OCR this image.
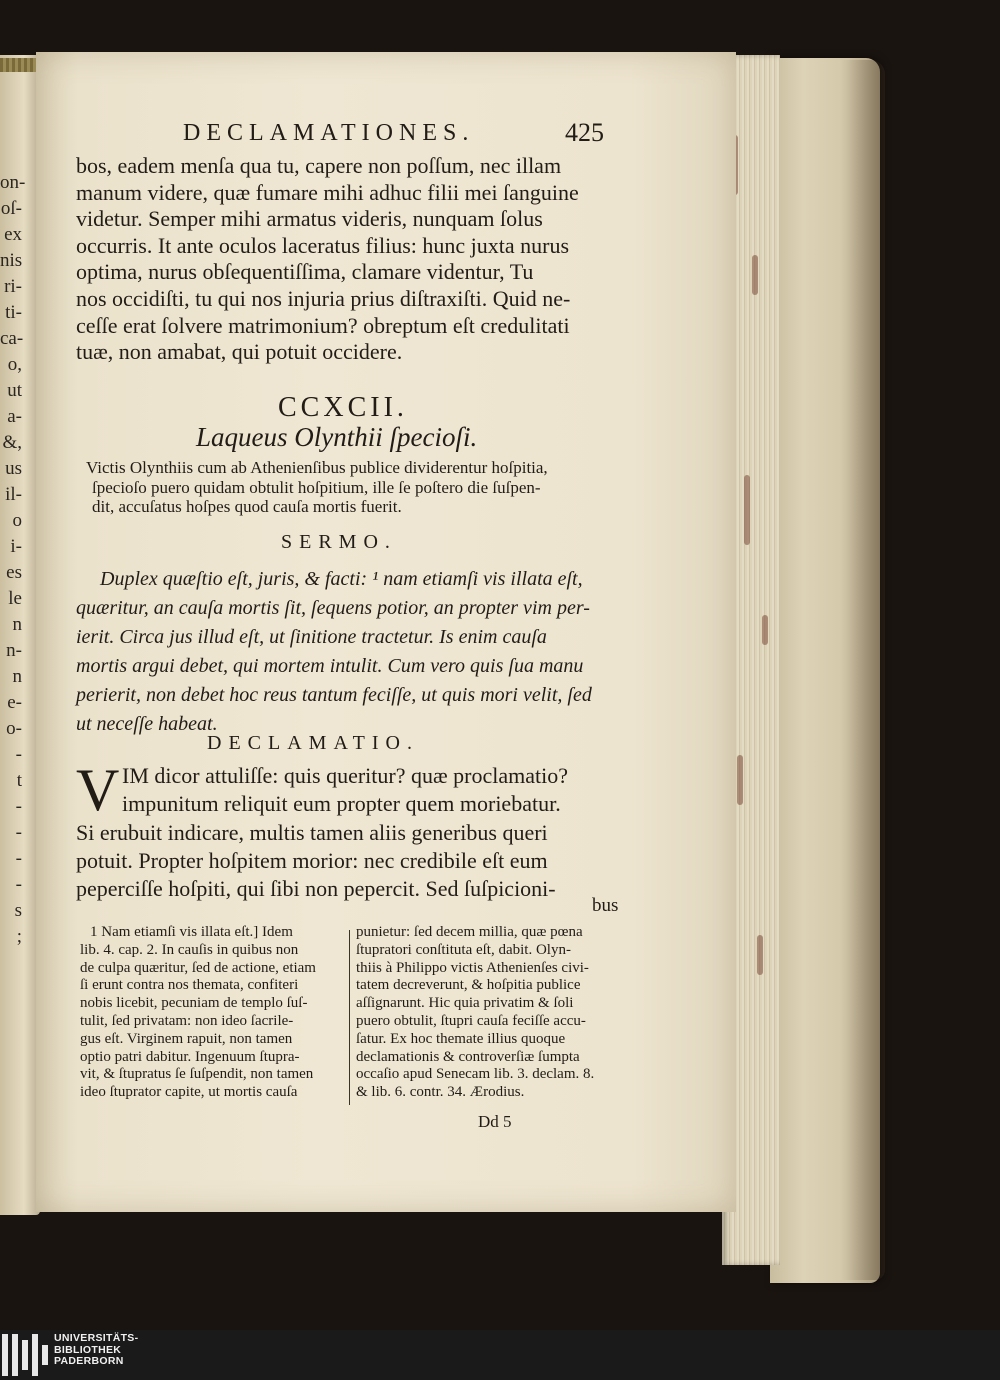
on-
oſ-
ex
nis
ri-
ti-
ca-
o,
ut
a-
&,
us
il-
o
i-
es
le
n
n-
n
e-
o-
-
t
-
-
-
-
s
;
DECLAMATIONES.	425
bos, eadem menſa qua tu, capere non poſſum, nec illam
manum videre, quæ fumare mihi adhuc filii mei ſanguine
videtur. Semper mihi armatus videris, nunquam ſolus
occurris. It ante oculos laceratus filius: hunc juxta nurus
optima, nurus obſequentiſſima, clamare videntur, Tu
nos occidiſti, tu qui nos injuria prius diſtraxiſti. Quid ne-
ceſſe erat ſolvere matrimonium? obreptum eſt credulitati
tuæ, non amabat, qui potuit occidere.
CCXCII.
Laqueus Olynthii ſpecioſi.
Victis Olynthiis cum ab Athenienſibus publice dividerentur hoſpitia,
ſpecioſo puero quidam obtulit hoſpitium, ille ſe poſtero die ſuſpen-
dit, accuſatus hoſpes quod cauſa mortis fuerit.
SERMO.
Duplex quæſtio eſt, juris, & facti: ¹ nam etiamſi vis illata eſt,
quæritur, an cauſa mortis ſit, ſequens potior, an propter vim per-
ierit. Circa jus illud eſt, ut ſinitione tractetur. Is enim cauſa
mortis argui debet, qui mortem intulit. Cum vero quis ſua manu
perierit, non debet hoc reus tantum feciſſe, ut quis mori velit, ſed
ut neceſſe habeat.
DECLAMATIO.
V IM dicor attuliſſe: quis queritur? quæ proclamatio?
impunitum reliquit eum propter quem moriebatur.
Si erubuit indicare, multis tamen aliis generibus queri
potuit. Propter hoſpitem morior: nec credibile eſt eum
peperciſſe hoſpiti, qui ſibi non pepercit. Sed ſuſpicioni-
bus
1 Nam etiamſi vis illata eſt.] Idem
lib. 4. cap. 2. In cauſis in quibus non
de culpa quæritur, ſed de actione, etiam
ſi erunt contra nos themata, confiteri
nobis licebit, pecuniam de templo ſuſ-
tulit, ſed privatam: non ideo ſacrile-
gus eſt. Virginem rapuit, non tamen
optio patri dabitur. Ingenuum ſtupra-
vit, & ſtupratus ſe ſuſpendit, non tamen
ideo ſtuprator capite, ut mortis cauſa
punietur: ſed decem millia, quæ pœna
ſtupratori conſtituta eſt, dabit. Olyn-
thiis à Philippo victis Athenienſes civi-
tatem decreverunt, & hoſpitia publice
aſſignarunt. Hic quia privatim & ſoli
puero obtulit, ſtupri cauſa feciſſe accu-
ſatur. Ex hoc themate illius quoque
declamationis & controverſiæ ſumpta
occaſio apud Senecam lib. 3. declam. 8.
& lib. 6. contr. 34. Ærodius.
Dd 5
UNIVERSITÄTS-
BIBLIOTHEK
PADERBORN
